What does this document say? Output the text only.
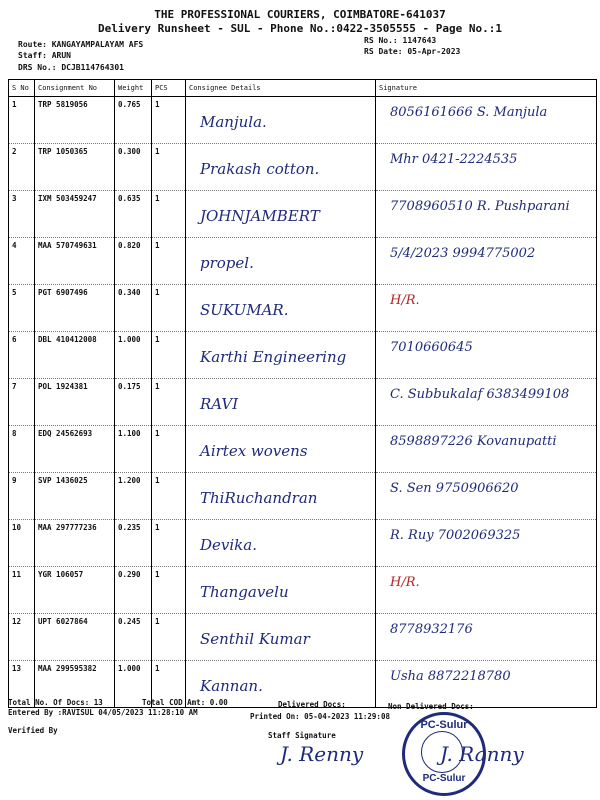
THE PROFESSIONAL COURIERS, COIMBATORE-641037
Delivery Runsheet - SUL - Phone No.:0422-3505555 - Page No.:1
Route: KANGAYAMPALAYAM AFS
Staff: ARUN
DRS No.: DCJB114764301
RS No.: 1147643
RS Date: 05-Apr-2023
S No	Consignment No	Weight	PCS	Consignee Details	Signature
1	TRP 5819056	0.765	1	Manjula.	8056161666 S. Manjula

2	TRP 1050365	0.300	1	Prakash cotton.	Mhr 0421-2224535

3	IXM 503459247	0.635	1	JOHNJAMBERT	7708960510 R. Pushparani

4	MAA 570749631	0.820	1	propel.	5/4/2023 9994775002

5	PGT 6907496	0.340	1	SUKUMAR.	H/R.

6	DBL 410412008	1.000	1	Karthi Engineering	7010660645

7	POL 1924381	0.175	1	RAVI	C. Subbukalaf 6383499108

8	EDQ 24562693	1.100	1	Airtex wovens	8598897226 Kovanupatti

9	SVP 1436025	1.200	1	ThiRuchandran	S. Sen 9750906620

10	MAA 297777236	0.235	1	Devika.	R. Ruy 7002069325

11	YGR 106057	0.290	1	Thangavelu	H/R.

12	UPT 6027864	0.245	1	Senthil Kumar	8778932176

13	MAA 299595382	1.000	1	Kannan.	Usha 8872218780
Total No. Of Docs: 13	Total COD Amt: 0.00	Delivered Docs:	Non Delivered Docs:
Entered By :RAVISUL 04/05/2023 11:28:10 AM	Printed On: 05-04-2023 11:29:08
Verified By
Staff Signature
J. Renny
PC-Sulur
PC-Sulur
J. Ranny
